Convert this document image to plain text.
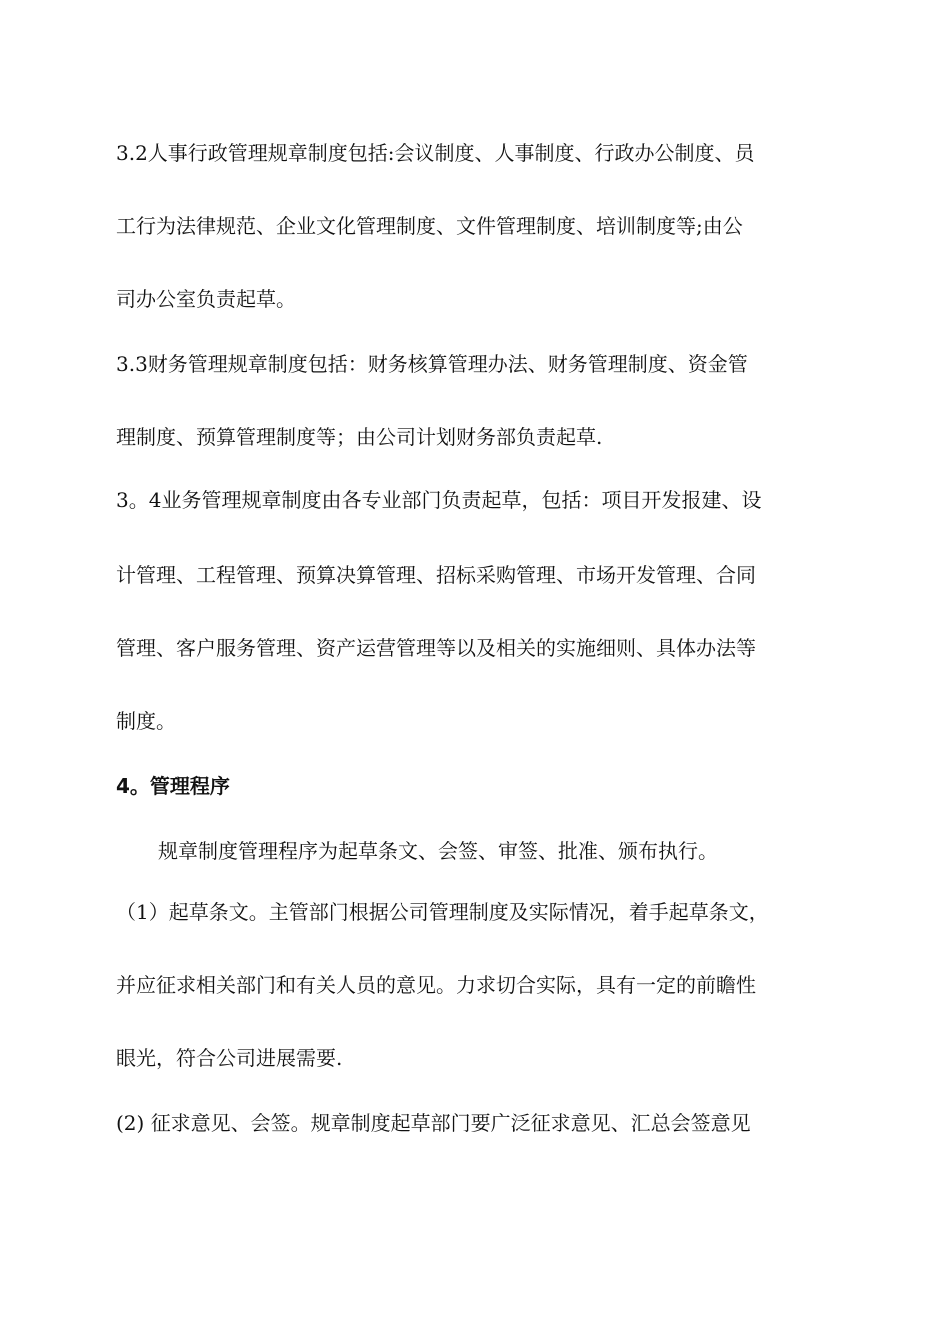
3.2人事行政管理规章制度包括:会议制度、人事制度、行政办公制度、员
工行为法律规范、企业文化管理制度、文件管理制度、培训制度等;由公
司办公室负责起草。
3.3财务管理规章制度包括：财务核算管理办法、财务管理制度、资金管
理制度、预算管理制度等；由公司计划财务部负责起草.
3。4业务管理规章制度由各专业部门负责起草，包括：项目开发报建、设
计管理、工程管理、预算决算管理、招标采购管理、市场开发管理、合同
管理、客户服务管理、资产运营管理等以及相关的实施细则、具体办法等
制度。
4。管理程序
规章制度管理程序为起草条文、会签、审签、批准、颁布执行。
（1）起草条文。主管部门根据公司管理制度及实际情况，着手起草条文，
并应征求相关部门和有关人员的意见。力求切合实际，具有一定的前瞻性
眼光，符合公司进展需要.
(2) 征求意见、会签。规章制度起草部门要广泛征求意见、汇总会签意见
